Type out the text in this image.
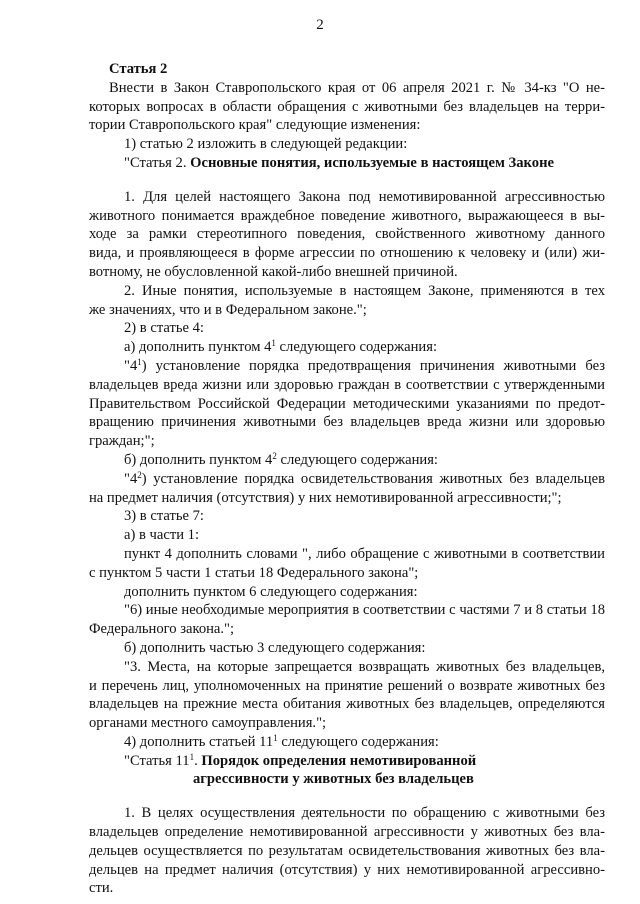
2
Статья 2
Внести в Закон Ставропольского края от 06 апреля 2021 г. № 34-кз "О не-
которых вопросах в области обращения с животными без владельцев на терри-
тории Ставропольского края" следующие изменения:
1) статью 2 изложить в следующей редакции:
"Статья 2. Основные понятия, используемые в настоящем Законе
1. Для целей настоящего Закона под немотивированной агрессивностью
животного понимается враждебное поведение животного, выражающееся в вы-
ходе за рамки стереотипного поведения, свойственного животному данного
вида, и проявляющееся в форме агрессии по отношению к человеку и (или) жи-
вотному, не обусловленной какой-либо внешней причиной.
2. Иные понятия, используемые в настоящем Законе, применяются в тех
же значениях, что и в Федеральном законе.";
2) в статье 4:
а) дополнить пунктом $4^1$ следующего содержания:
"$4^1$) установление порядка предотвращения причинения животными без
владельцев вреда жизни или здоровью граждан в соответствии с утвержденными
Правительством Российской Федерации методическими указаниями по предот-
вращению причинения животными без владельцев вреда жизни или здоровью
граждан;";
б) дополнить пунктом $4^2$ следующего содержания:
"$4^2$) установление порядка освидетельствования животных без владельцев
на предмет наличия (отсутствия) у них немотивированной агрессивности;";
3) в статье 7:
а) в части 1:
пункт 4 дополнить словами ", либо обращение с животными в соответствии
с пунктом 5 части 1 статьи 18 Федерального закона";
дополнить пунктом 6 следующего содержания:
"6) иные необходимые мероприятия в соответствии с частями 7 и 8 статьи 18
Федерального закона.";
б) дополнить частью 3 следующего содержания:
"3. Места, на которые запрещается возвращать животных без владельцев,
и перечень лиц, уполномоченных на принятие решений о возврате животных без
владельцев на прежние места обитания животных без владельцев, определяются
органами местного самоуправления.";
4) дополнить статьей $11^1$ следующего содержания:
"Статья $11^1$. Порядок определения немотивированной
агрессивности у животных без владельцев
1. В целях осуществления деятельности по обращению с животными без
владельцев определение немотивированной агрессивности у животных без вла-
дельцев осуществляется по результатам освидетельствования животных без вла-
дельцев на предмет наличия (отсутствия) у них немотивированной агрессивно-
сти.
